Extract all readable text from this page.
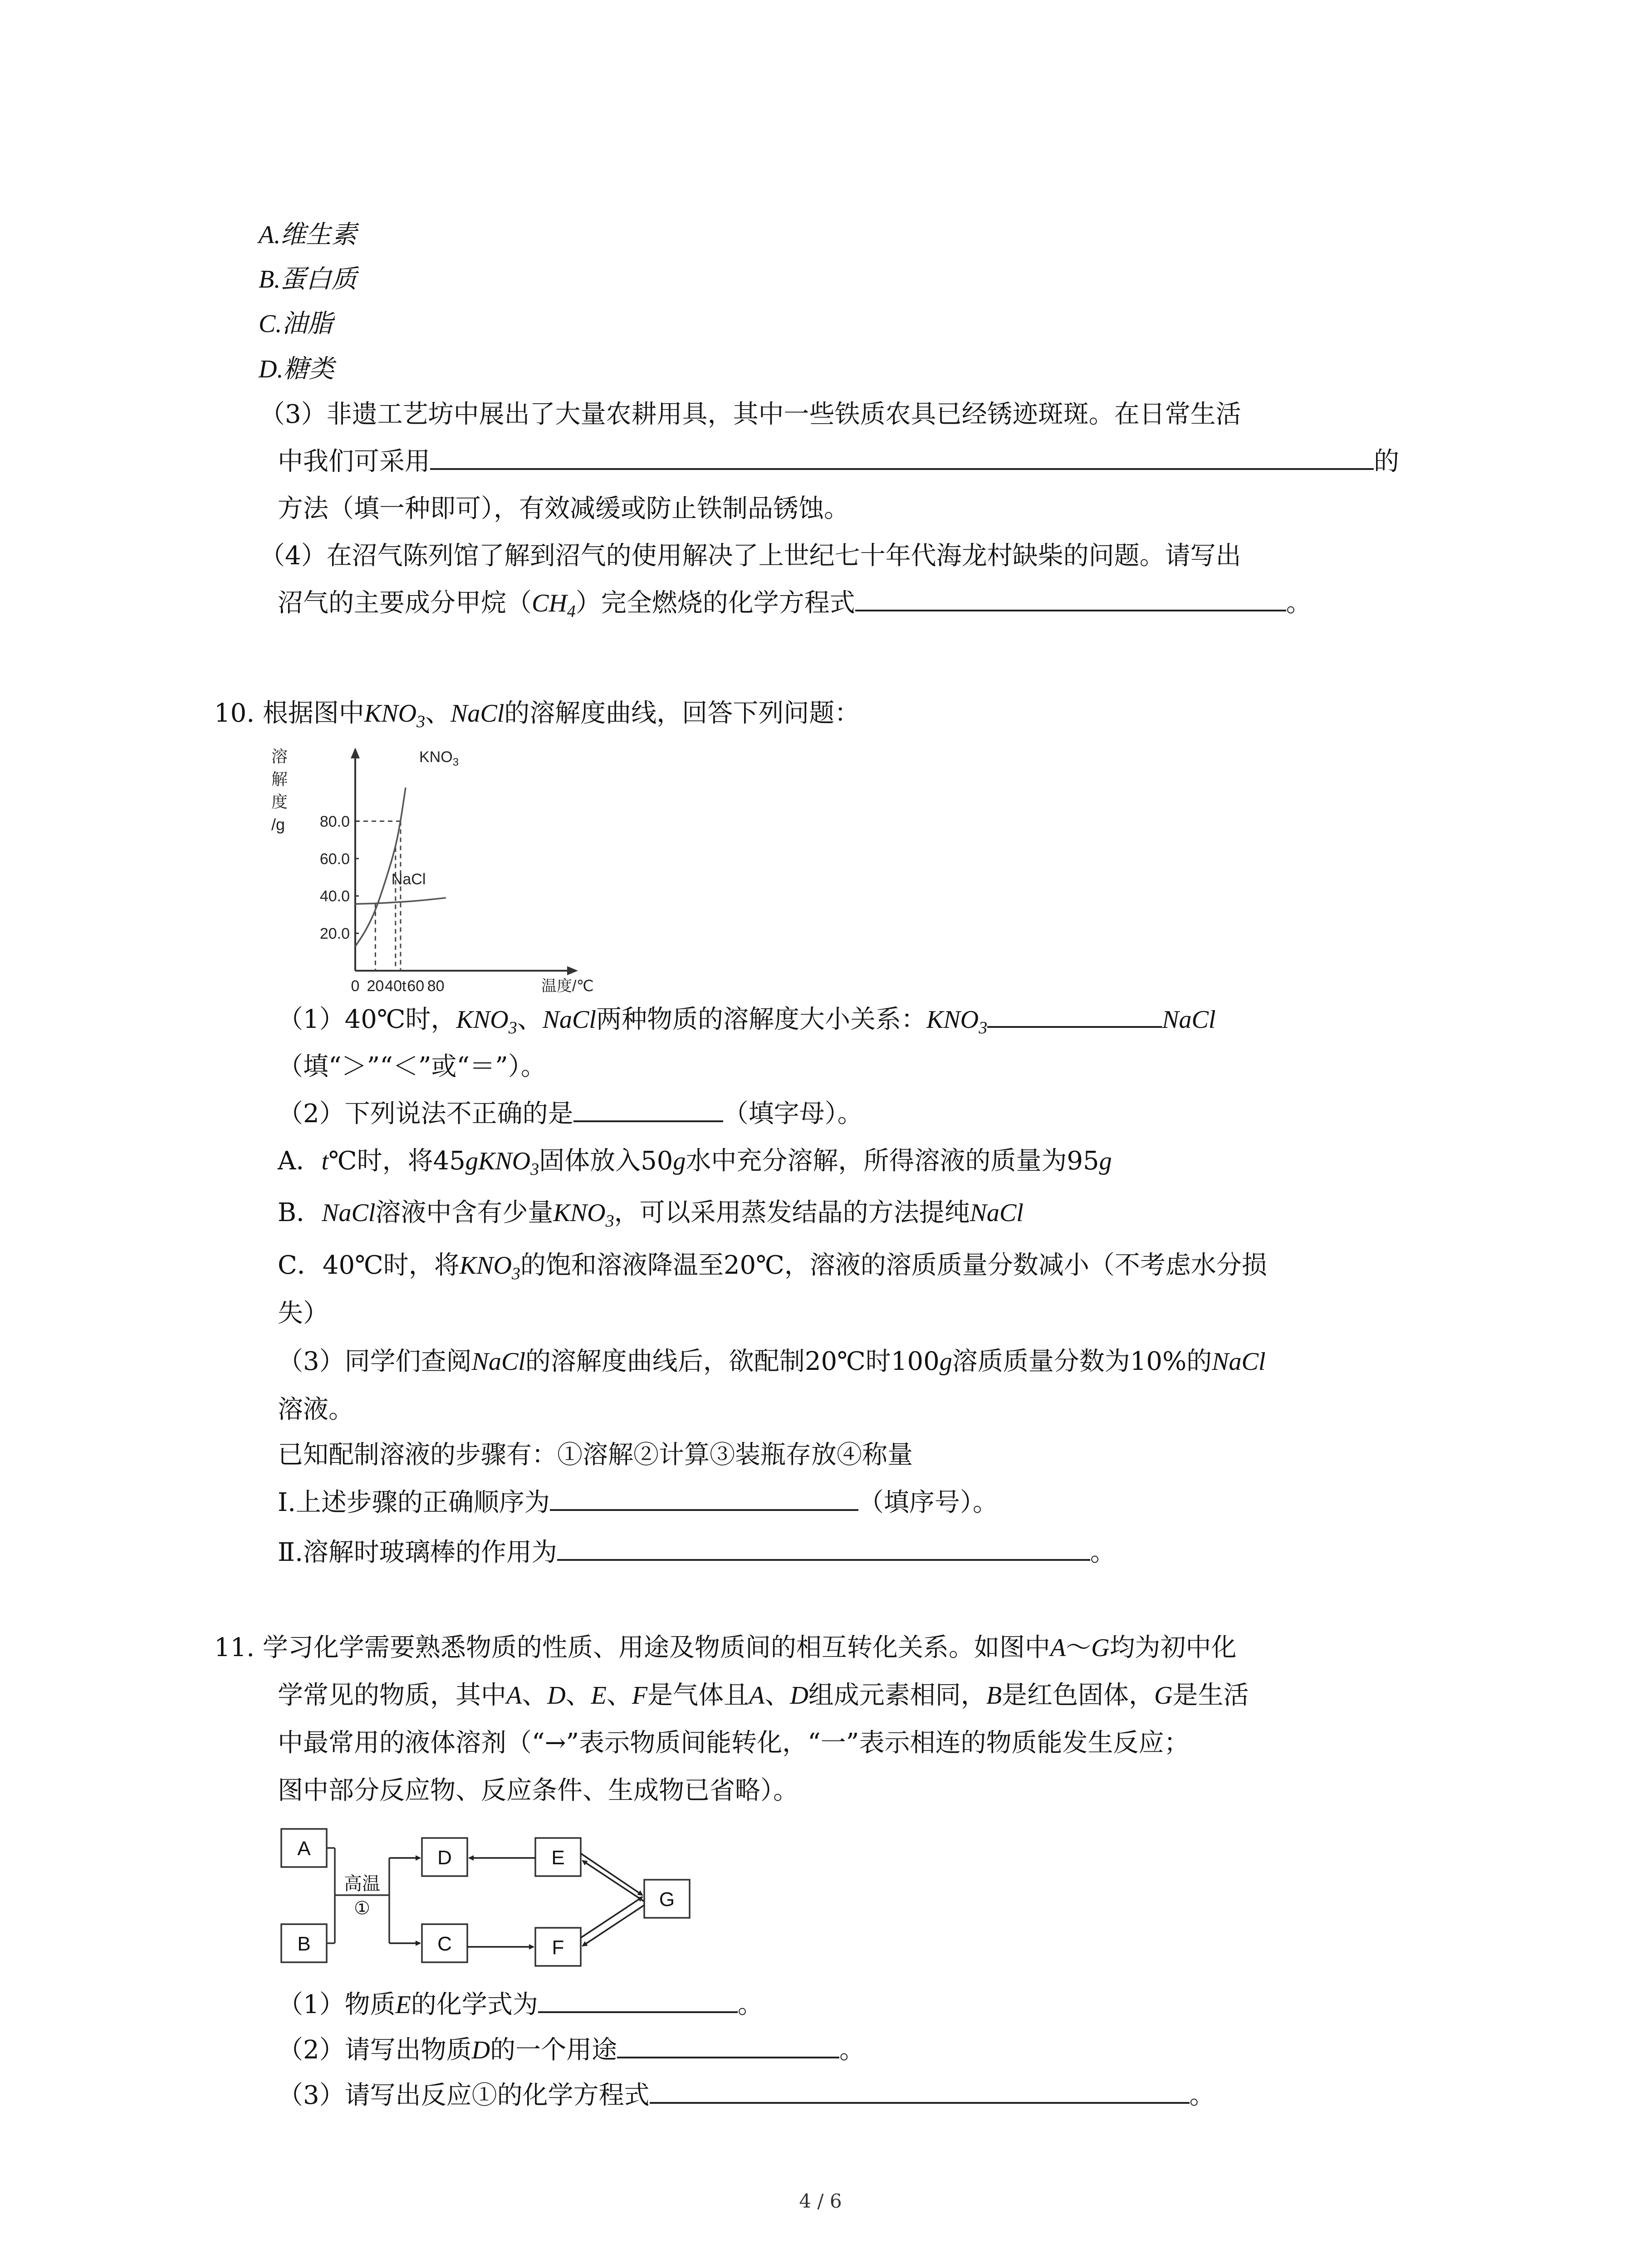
A.维生素
B.蛋白质
C.油脂
D.糖类
（3）非遗工艺坊中展出了大量农耕用具，其中一些铁质农具已经锈迹斑斑。在日常生活
中我们可采用	的
方法（填一种即可），有效减缓或防止铁制品锈蚀。
（4）在沼气陈列馆了解到沼气的使用解决了上世纪七十年代海龙村缺柴的问题。请写出
沼气的主要成分甲烷$(CH_4)$完全燃烧的化学方程式	。
10. 根据图中$KNO_3$、NaCl的溶解度曲线，回答下列问题：
溶
解
度
/g
20.0
40.0
60.0
80.0
0 20 40t 60 80
$KNO_3$
NaCl
温度/℃
（1）40℃时，$KNO_3$、NaCl两种物质的溶解度大小关系：$KNO_3$	NaCl
（填“＞”“＜”或“＝”）。
（2）下列说法不正确的是	（填字母）。
A．t℃时，将45gKNO$_3$固体放入50g水中充分溶解，所得溶液的质量为95g
B．NaCl溶液中含有少量$KNO_3$，可以采用蒸发结晶的方法提纯NaCl
C．40℃时，将$KNO_3$的饱和溶液降温至20℃，溶液的溶质质量分数减小（不考虑水分损
失）
（3）同学们查阅NaCl的溶解度曲线后，欲配制20℃时100g溶质质量分数为10%的NaCl
溶液。
已知配制溶液的步骤有：①溶解②计算③装瓶存放④称量
Ⅰ.上述步骤的正确顺序为	（填序号）。
Ⅱ.溶解时玻璃棒的作用为	。
11. 学习化学需要熟悉物质的性质、用途及物质间的相互转化关系。如图中A～G均为初中化
学常见的物质，其中A、D、E、F是气体且A、D组成元素相同，B是红色固体，G是生活
中最常用的液体溶剂（“→”表示物质间能转化，“一”表示相连的物质能发生反应；
图中部分反应物、反应条件、生成物已省略）。
A
B
D
C
E
F
G
高温
①
（1）物质E的化学式为	。
（2）请写出物质D的一个用途	。
（3）请写出反应①的化学方程式	。
4 / 6
